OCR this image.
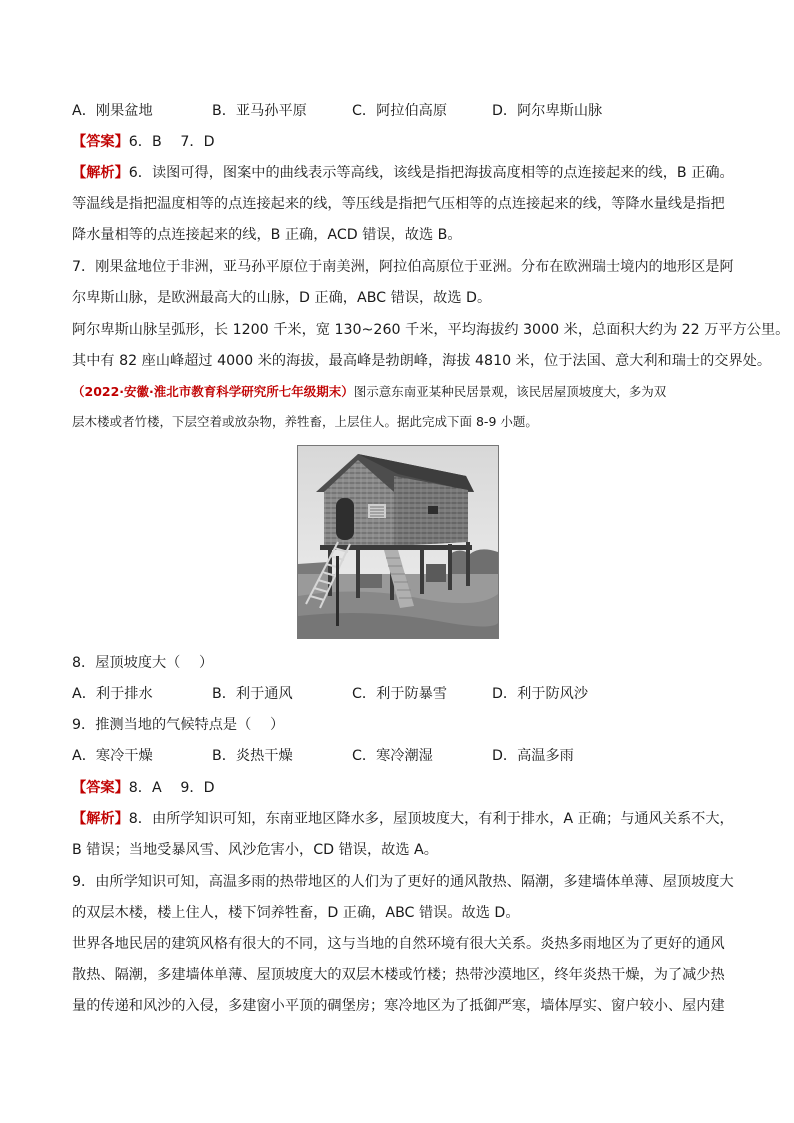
A．刚果盆地	B．亚马孙平原	C．阿拉伯高原	D．阿尔卑斯山脉
【答案】6．B　 7．D
【解析】6．读图可得，图案中的曲线表示等高线，该线是指把海拔高度相等的点连接起来的线，B 正确。
等温线是指把温度相等的点连接起来的线，等压线是指把气压相等的点连接起来的线，等降水量线是指把
降水量相等的点连接起来的线，B 正确，ACD 错误，故选 B。
7．刚果盆地位于非洲，亚马孙平原位于南美洲，阿拉伯高原位于亚洲。分布在欧洲瑞士境内的地形区是阿
尔卑斯山脉，是欧洲最高大的山脉，D 正确，ABC 错误，故选 D。
阿尔卑斯山脉呈弧形，长 1200 千米，宽 130~260 千米，平均海拔约 3000 米，总面积大约为 22 万平方公里。
其中有 82 座山峰超过 4000 米的海拔，最高峰是勃朗峰，海拔 4810 米，位于法国、意大利和瑞士的交界处。
（2022·安徽·淮北市教育科学研究所七年级期末）图示意东南亚某种民居景观，该民居屋顶坡度大，多为双
层木楼或者竹楼，下层空着或放杂物，养牲畜，上层住人。据此完成下面 8-9 小题。
8．屋顶坡度大（　 ）
A．利于排水	B．利于通风	C．利于防暴雪	D．利于防风沙
9．推测当地的气候特点是（　 ）
A．寒冷干燥	B．炎热干燥	C．寒冷潮湿	D．高温多雨
【答案】8．A　 9．D
【解析】8．由所学知识可知，东南亚地区降水多，屋顶坡度大，有利于排水，A 正确；与通风关系不大，
B 错误；当地受暴风雪、风沙危害小，CD 错误，故选 A。
9．由所学知识可知，高温多雨的热带地区的人们为了更好的通风散热、隔潮，多建墙体单薄、屋顶坡度大
的双层木楼，楼上住人，楼下饲养牲畜，D 正确，ABC 错误。故选 D。
世界各地民居的建筑风格有很大的不同，这与当地的自然环境有很大关系。炎热多雨地区为了更好的通风
散热、隔潮，多建墙体单薄、屋顶坡度大的双层木楼或竹楼；热带沙漠地区，终年炎热干燥，为了减少热
量的传递和风沙的入侵，多建窗小平顶的碉堡房；寒冷地区为了抵御严寒，墙体厚实、窗户较小、屋内建
